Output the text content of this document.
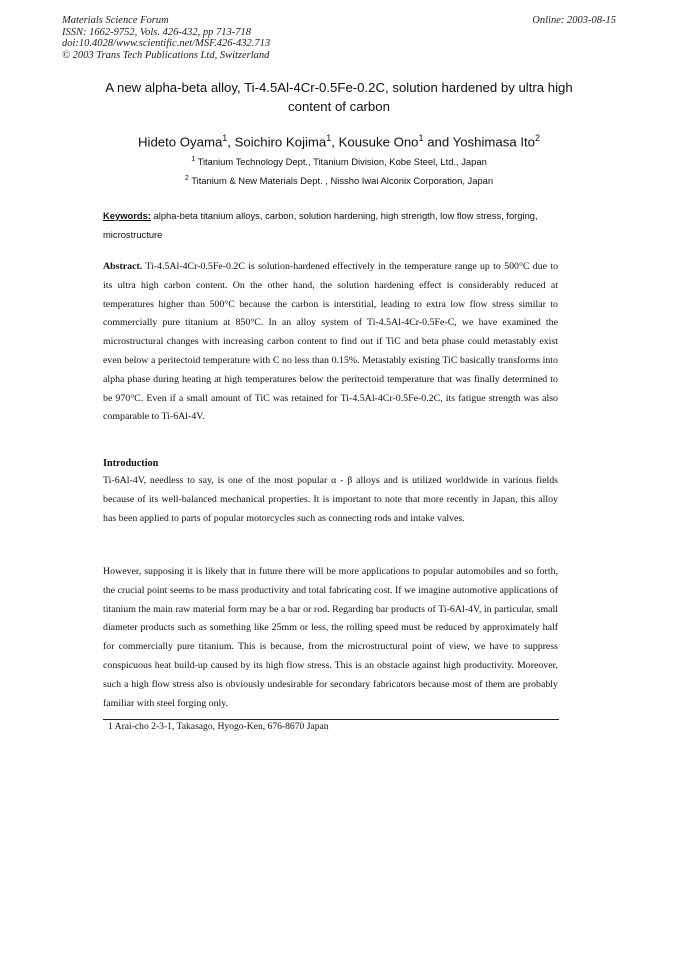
Materials Science Forum
ISSN: 1662-9752, Vols. 426-432, pp 713-718
doi:10.4028/www.scientific.net/MSF.426-432.713
© 2003 Trans Tech Publications Ltd, Switzerland
Online: 2003-08-15
A new alpha-beta alloy, Ti-4.5Al-4Cr-0.5Fe-0.2C, solution hardened by ultra high content of carbon
Hideto Oyama$^1$, Soichiro Kojima$^1$, Kousuke Ono$^1$ and Yoshimasa Ito$^2$
$^1$ Titanium Technology Dept., Titanium Division, Kobe Steel, Ltd., Japan
$^2$ Titanium & New Materials Dept. , Nissho Iwai Alconix Corporation, Japan
Keywords: alpha-beta titanium alloys, carbon, solution hardening, high strength, low flow stress, forging, microstructure
Abstract. Ti-4.5Al-4Cr-0.5Fe-0.2C is solution-hardened effectively in the temperature range up to 500°C due to its ultra high carbon content. On the other hand, the solution hardening effect is considerably reduced at temperatures higher than 500°C because the carbon is interstitial, leading to extra low flow stress similar to commercially pure titanium at 850°C. In an alloy system of Ti-4.5Al-4Cr-0.5Fe-C, we have examined the microstructural changes with increasing carbon content to find out if TiC and beta phase could metastably exist even below a peritectoid temperature with C no less than 0.15%. Metastably existing TiC basically transforms into alpha phase during heating at high temperatures below the peritectoid temperature that was finally determined to be 970°C. Even if a small amount of TiC was retained for Ti-4.5Al-4Cr-0.5Fe-0.2C, its fatigue strength was also comparable to Ti-6Al-4V.
Introduction
Ti-6Al-4V, needless to say, is one of the most popular α - β alloys and is utilized worldwide in various fields because of its well-balanced mechanical properties. It is important to note that more recently in Japan, this alloy has been applied to parts of popular motorcycles such as connecting rods and intake valves.
However, supposing it is likely that in future there will be more applications to popular automobiles and so forth, the crucial point seems to be mass productivity and total fabricating cost. If we imagine automotive applications of titanium the main raw material form may be a bar or rod. Regarding bar products of Ti-6Al-4V, in particular, small diameter products such as something like 25mm or less, the rolling speed must be reduced by approximately half for commercially pure titanium. This is because, from the microstructural point of view, we have to suppress conspicuous heat build-up caused by its high flow stress. This is an obstacle against high productivity. Moreover, such a high flow stress also is obviously undesirable for secondary fabricators because most of them are probably familiar with steel forging only.
1 Arai-cho 2-3-1, Takasago, Hyogo-Ken, 676-8670 Japan
